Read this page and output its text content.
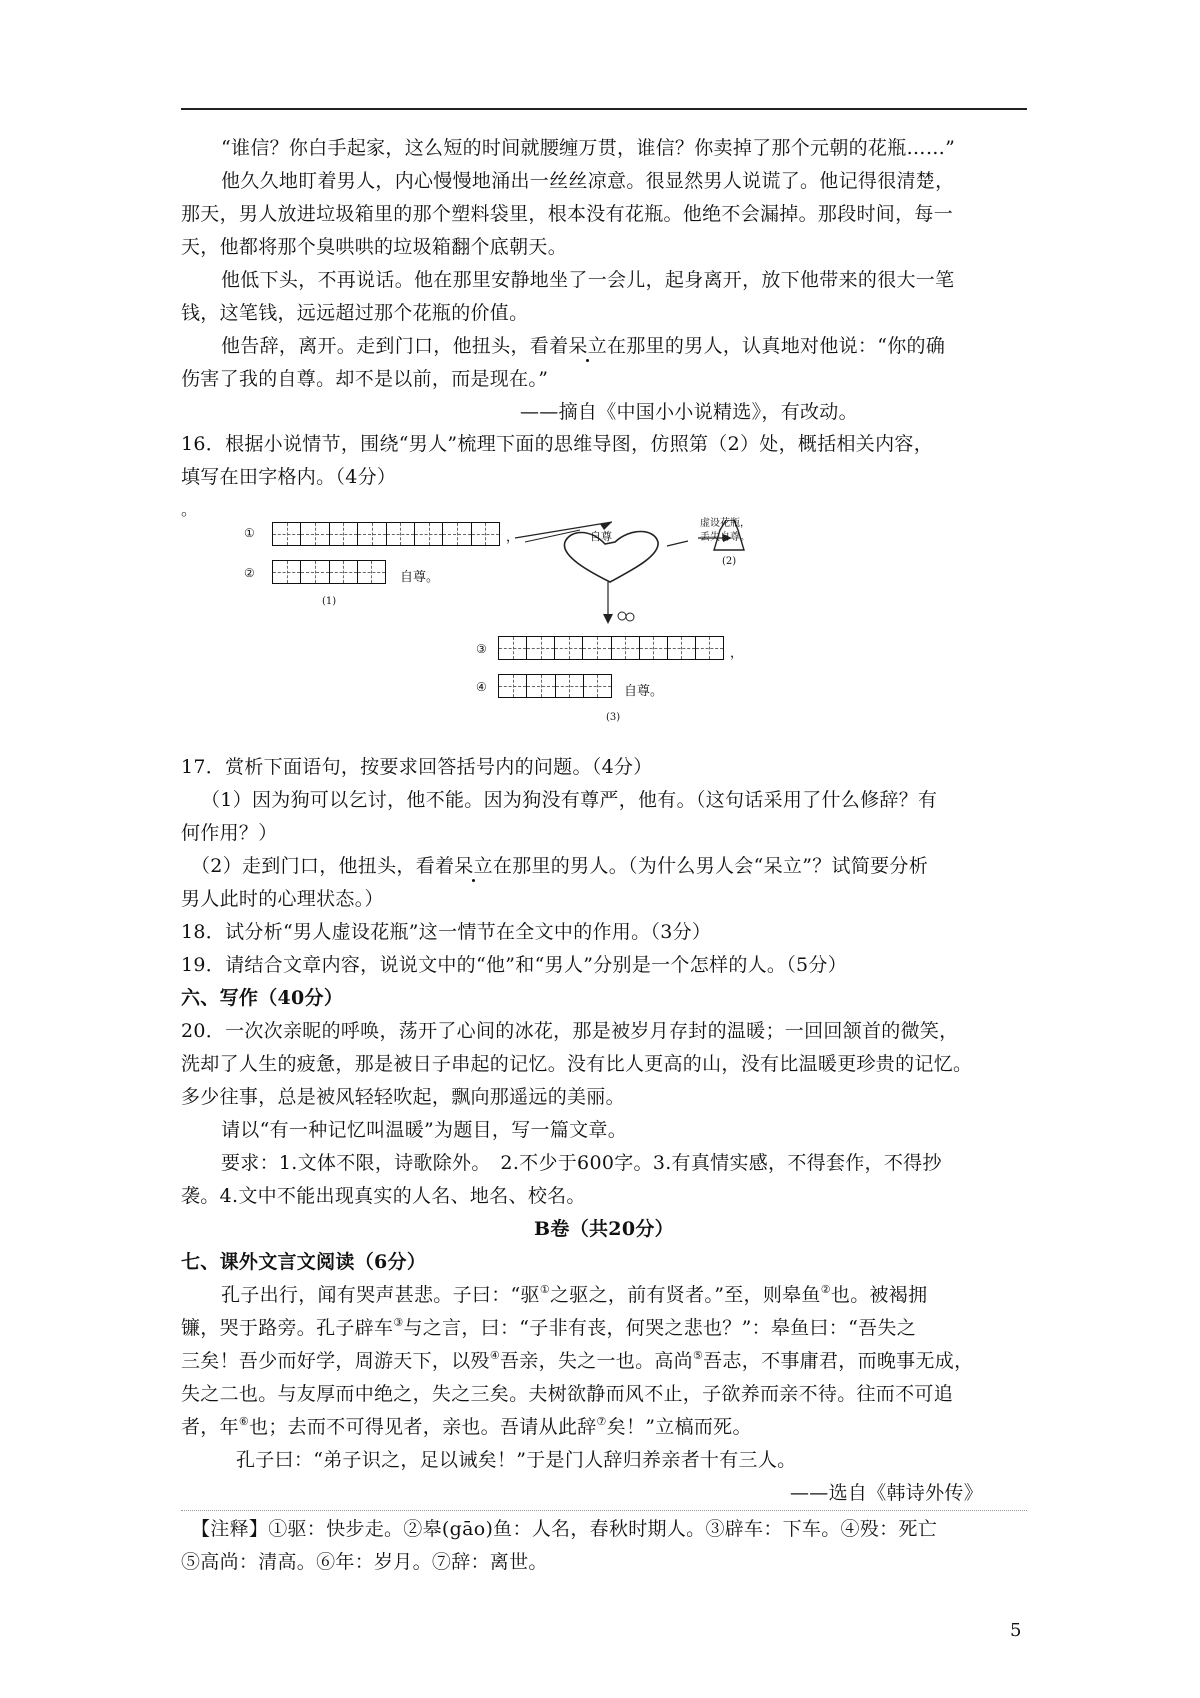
“谁信？你白手起家，这么短的时间就腰缠万贯，谁信？你卖掉了那个元朝的花瓶……”
他久久地盯着男人，内心慢慢地涌出一丝丝凉意。很显然男人说谎了。他记得很清楚，
那天，男人放进垃圾箱里的那个塑料袋里，根本没有花瓶。他绝不会漏掉。那段时间，每一
天，他都将那个臭哄哄的垃圾箱翻个底朝天。
他低下头，不再说话。他在那里安静地坐了一会儿，起身离开，放下他带来的很大一笔
钱，这笔钱，远远超过那个花瓶的价值。
他告辞，离开。走到门口，他扭头，看着呆立在那里的男人，认真地对他说：“你的确
伤害了我的自尊。却不是以前，而是现在。”
——摘自《中国小小说精选》，有改动。
16．根据小说情节，围绕“男人”梳理下面的思维导图，仿照第（2）处，概括相关内容，
填写在田字格内。（4分）
。
①	，
②	自尊。
(1)
自尊
虚设花瓶，
丢失自尊。
(2)
③	，
④	自尊。
(3)
17．赏析下面语句，按要求回答括号内的问题。（4分）
（1）因为狗可以乞讨，他不能。因为狗没有尊严，他有。（这句话采用了什么修辞？有
何作用？）
（2）走到门口，他扭头，看着呆立在那里的男人。（为什么男人会“呆立”？试简要分析
男人此时的心理状态。）
18．试分析“男人虚设花瓶”这一情节在全文中的作用。（3分）
19．请结合文章内容，说说文中的“他”和“男人”分别是一个怎样的人。（5分）
六、写作（40分）
20．一次次亲昵的呼唤，荡开了心间的冰花，那是被岁月存封的温暖；一回回颔首的微笑，
洗却了人生的疲惫，那是被日子串起的记忆。没有比人更高的山，没有比温暖更珍贵的记忆。
多少往事，总是被风轻轻吹起，飘向那遥远的美丽。
请以“有一种记忆叫温暖”为题目，写一篇文章。
要求：1.文体不限，诗歌除外。　2.不少于600字。3.有真情实感，不得套作，不得抄
袭。4.文中不能出现真实的人名、地名、校名。
B卷（共20分）
七、课外文言文阅读（6分）
孔子出行，闻有哭声甚悲。子曰：“驱①之驱之，前有贤者。”至，则皋鱼②也。被褐拥
镰，哭于路旁。孔子辟车③与之言，曰：“子非有丧，何哭之悲也？”：皋鱼曰：“吾失之
三矣！吾少而好学，周游天下，以殁④吾亲，失之一也。高尚⑤吾志，不事庸君，而晚事无成，
失之二也。与友厚而中绝之，失之三矣。夫树欲静而风不止，子欲养而亲不待。往而不可追
者，年⑥也；去而不可得见者，亲也。吾请从此辞⑦矣！”立槁而死。
孔子曰：“弟子识之，足以诫矣！”于是门人辞归养亲者十有三人。
——选自《韩诗外传》
【注释】①驱：快步走。②皋(gāo)鱼：人名，春秋时期人。③辟车：下车。④殁：死亡
⑤高尚：清高。⑥年：岁月。⑦辞：离世。
5
